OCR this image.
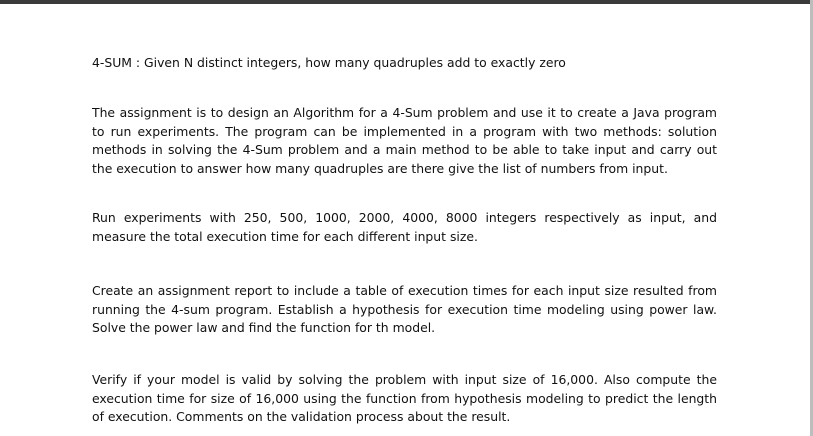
4-SUM : Given N distinct integers, how many quadruples add to exactly zero

The assignment is to design an Algorithm for a 4-Sum problem and use it to create a Java program to run experiments. The program can be implemented in a program with two methods: solution methods in solving the 4-Sum problem and a main method to be able to take input and carry out the execution to answer how many quadruples are there give the list of numbers from input.

Run experiments with 250, 500, 1000, 2000, 4000, 8000 integers respectively as input, and measure the total execution time for each different input size.

Create an assignment report to include a table of execution times for each input size resulted from running the 4-sum program. Establish a hypothesis for execution time modeling using power law. Solve the power law and find the function for th model.

Verify if your model is valid by solving the problem with input size of 16,000. Also compute the execution time for size of 16,000 using the function from hypothesis modeling to predict the length of execution. Comments on the validation process about the result.
